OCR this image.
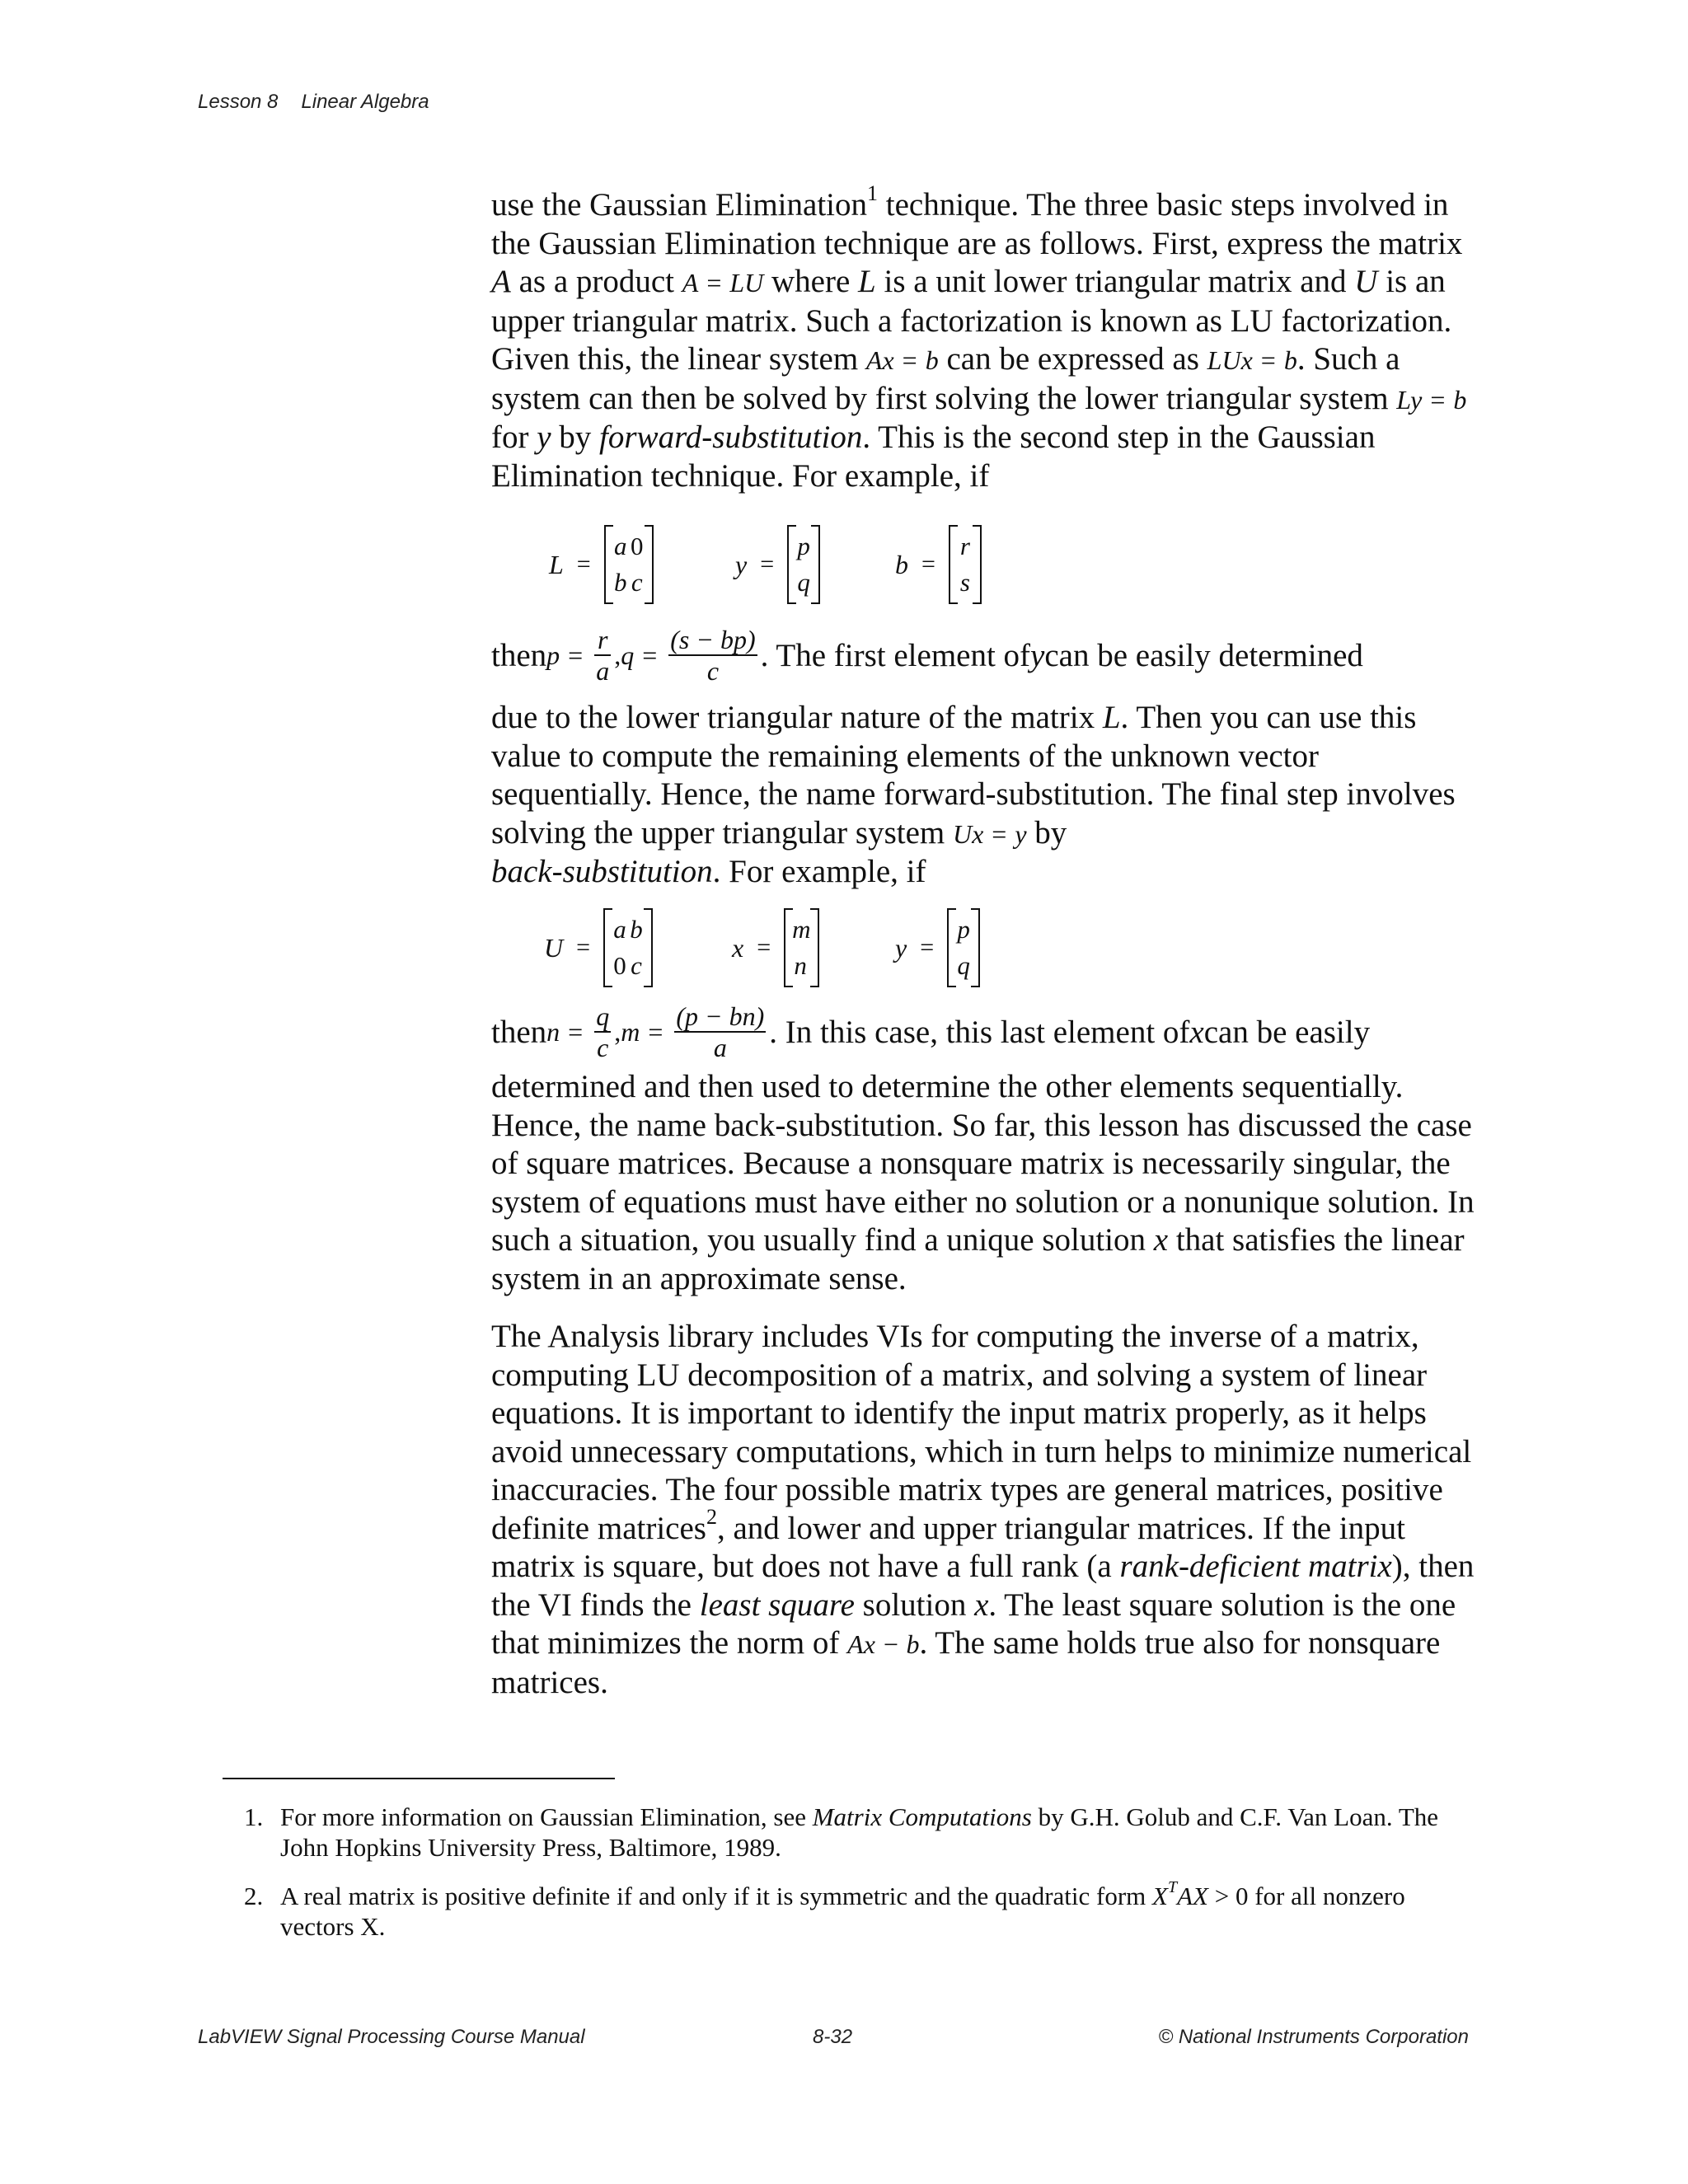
Lesson 8 Linear Algebra

use the Gaussian Elimination$^1$ technique. The three basic steps involved in the Gaussian Elimination technique are as follows. First, express the matrix A as a product A = LU where L is a unit lower triangular matrix and U is an upper triangular matrix. Such a factorization is known as LU factorization. Given this, the linear system Ax = b can be expressed as LUx = b. Such a system can then be solved by first solving the lower triangular system Ly = b for y by forward-substitution. This is the second step in the Gaussian Elimination technique. For example, if

L =
a 0
b c
y =
p
q
b =
r
s
then $p = \frac{r}{a} ,q = \frac{(s - bp)}{c}$ . The first element of y can be easily determined

due to the lower triangular nature of the matrix L. Then you can use this value to compute the remaining elements of the unknown vector sequentially. Hence, the name forward-substitution. The final step involves solving the upper triangular system Ux = y by
back-substitution. For example, if

U =
a b
0 c
x =
m
n
y =
p
q
then $n = \frac{q}{c} ,m = \frac{(p - bn)}{a}$ . In this case, this last element of x can be easily

determined and then used to determine the other elements sequentially. Hence, the name back-substitution. So far, this lesson has discussed the case of square matrices. Because a nonsquare matrix is necessarily singular, the system of equations must have either no solution or a nonunique solution. In such a situation, you usually find a unique solution x that satisfies the linear system in an approximate sense.

The Analysis library includes VIs for computing the inverse of a matrix, computing LU decomposition of a matrix, and solving a system of linear equations. It is important to identify the input matrix properly, as it helps avoid unnecessary computations, which in turn helps to minimize numerical inaccuracies. The four possible matrix types are general matrices, positive definite matrices$^2$, and lower and upper triangular matrices. If the input matrix is square, but does not have a full rank (a rank-deficient matrix), then the VI finds the least square solution x. The least square solution is the one that minimizes the norm of Ax − b. The same holds true also for nonsquare matrices.

1. For more information on Gaussian Elimination, see Matrix Computations by G.H. Golub and C.F. Van Loan. The John Hopkins University Press, Baltimore, 1989.
2. A real matrix is positive definite if and only if it is symmetric and the quadratic form $X^TAX > 0$ for all nonzero vectors X.
LabVIEW Signal Processing Course Manual	8-32	© National Instruments Corporation
